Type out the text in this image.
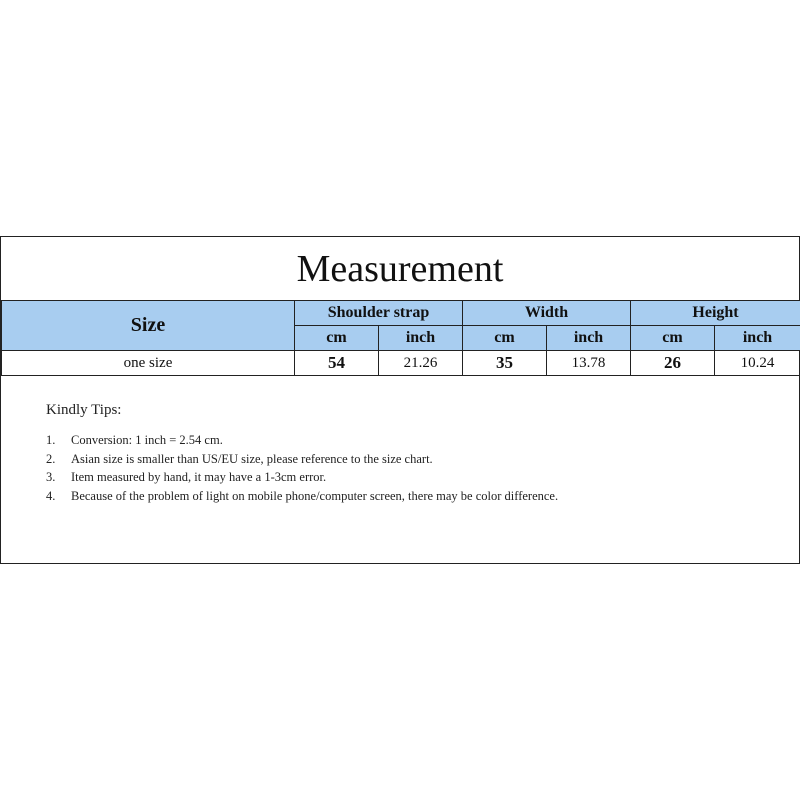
Measurement
Size	Shoulder strap		Width		Height	
	cm	inch	cm	inch	cm	inch
one size	54	21.26	35	13.78	26	10.24
Kindly Tips:
1. Conversion: 1 inch = 2.54 cm.
2. Asian size is smaller than US/EU size, please reference to the size chart.
3. Item measured by hand, it may have a 1-3cm error.
4. Because of the problem of light on mobile phone/computer screen, there may be color difference.
